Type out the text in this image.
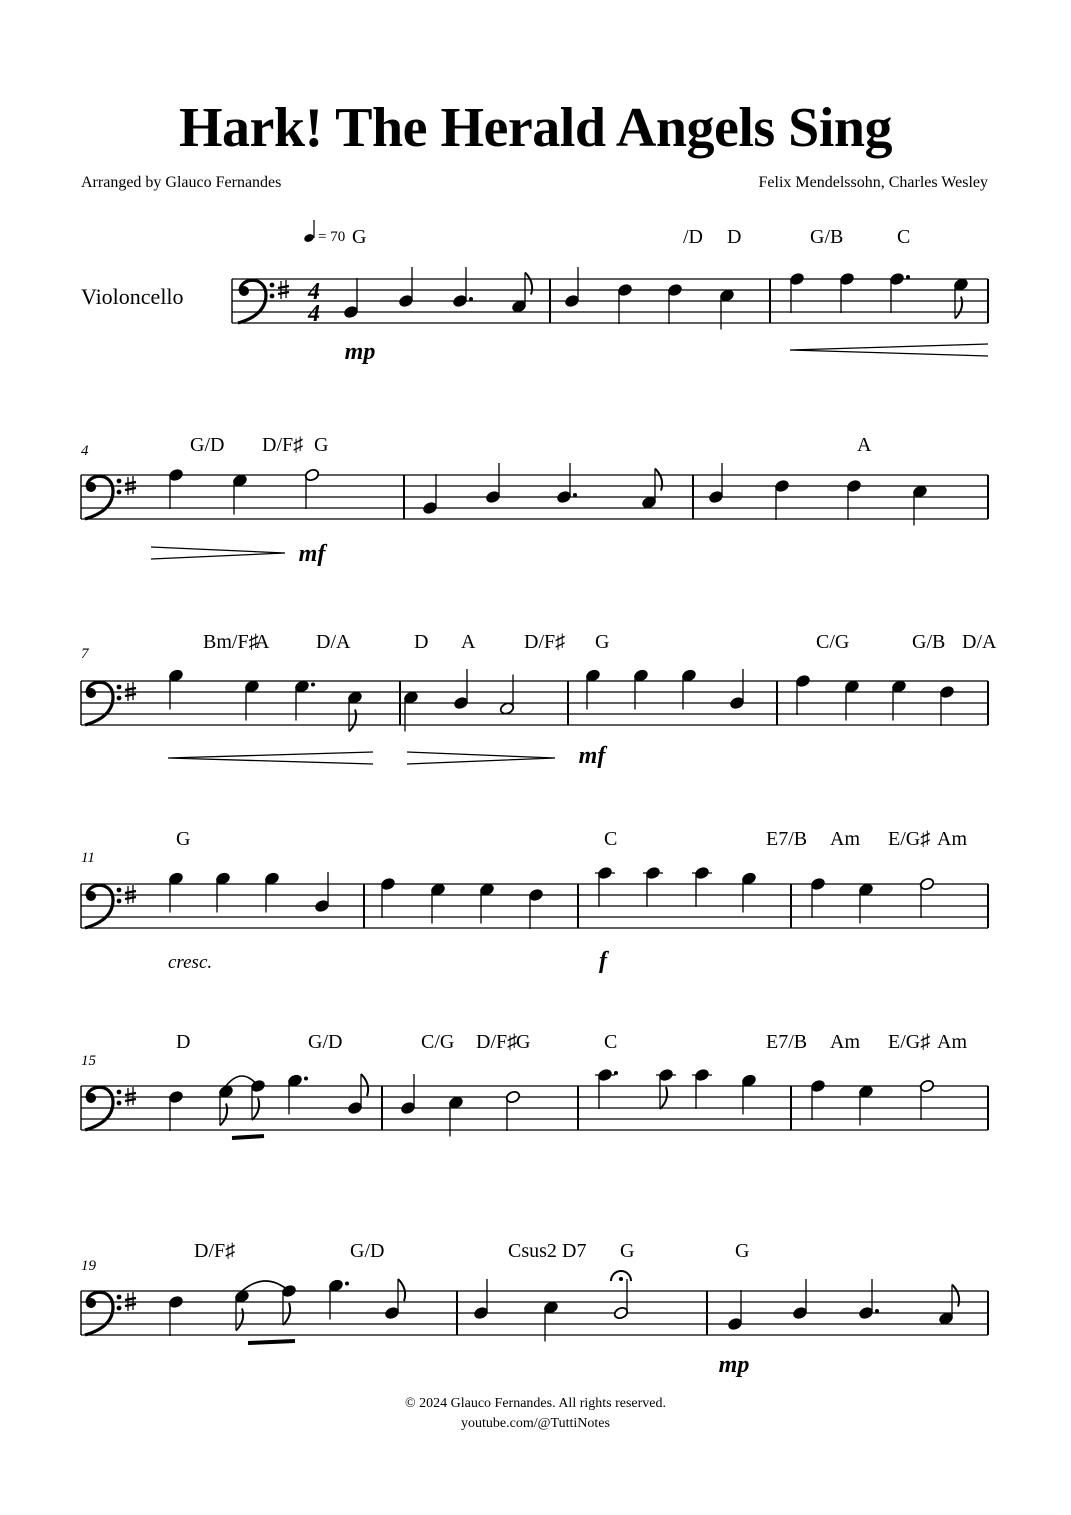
Hark! The Herald Angels Sing
Arranged by Glauco Fernandes	Felix Mendelssohn, Charles Wesley
Violoncello	4
4
= 70 G	/D D	G/B	C
mp
4	G/D D/F♯ G	A
mf
7
Bm/F♯
A D/A	D A D/F♯ G	C/G	G/B D/A
mf
11
G	C	E7/B Am E/G♯ Am
f
cresc.
15
D	G/D	C/G D/F♯
G	C	E7/B Am E/G♯ Am
19
D/F♯	G/D	Csus2 D7 G	G
mp
© 2024 Glauco Fernandes. All rights reserved.
youtube.com/@TuttiNotes
